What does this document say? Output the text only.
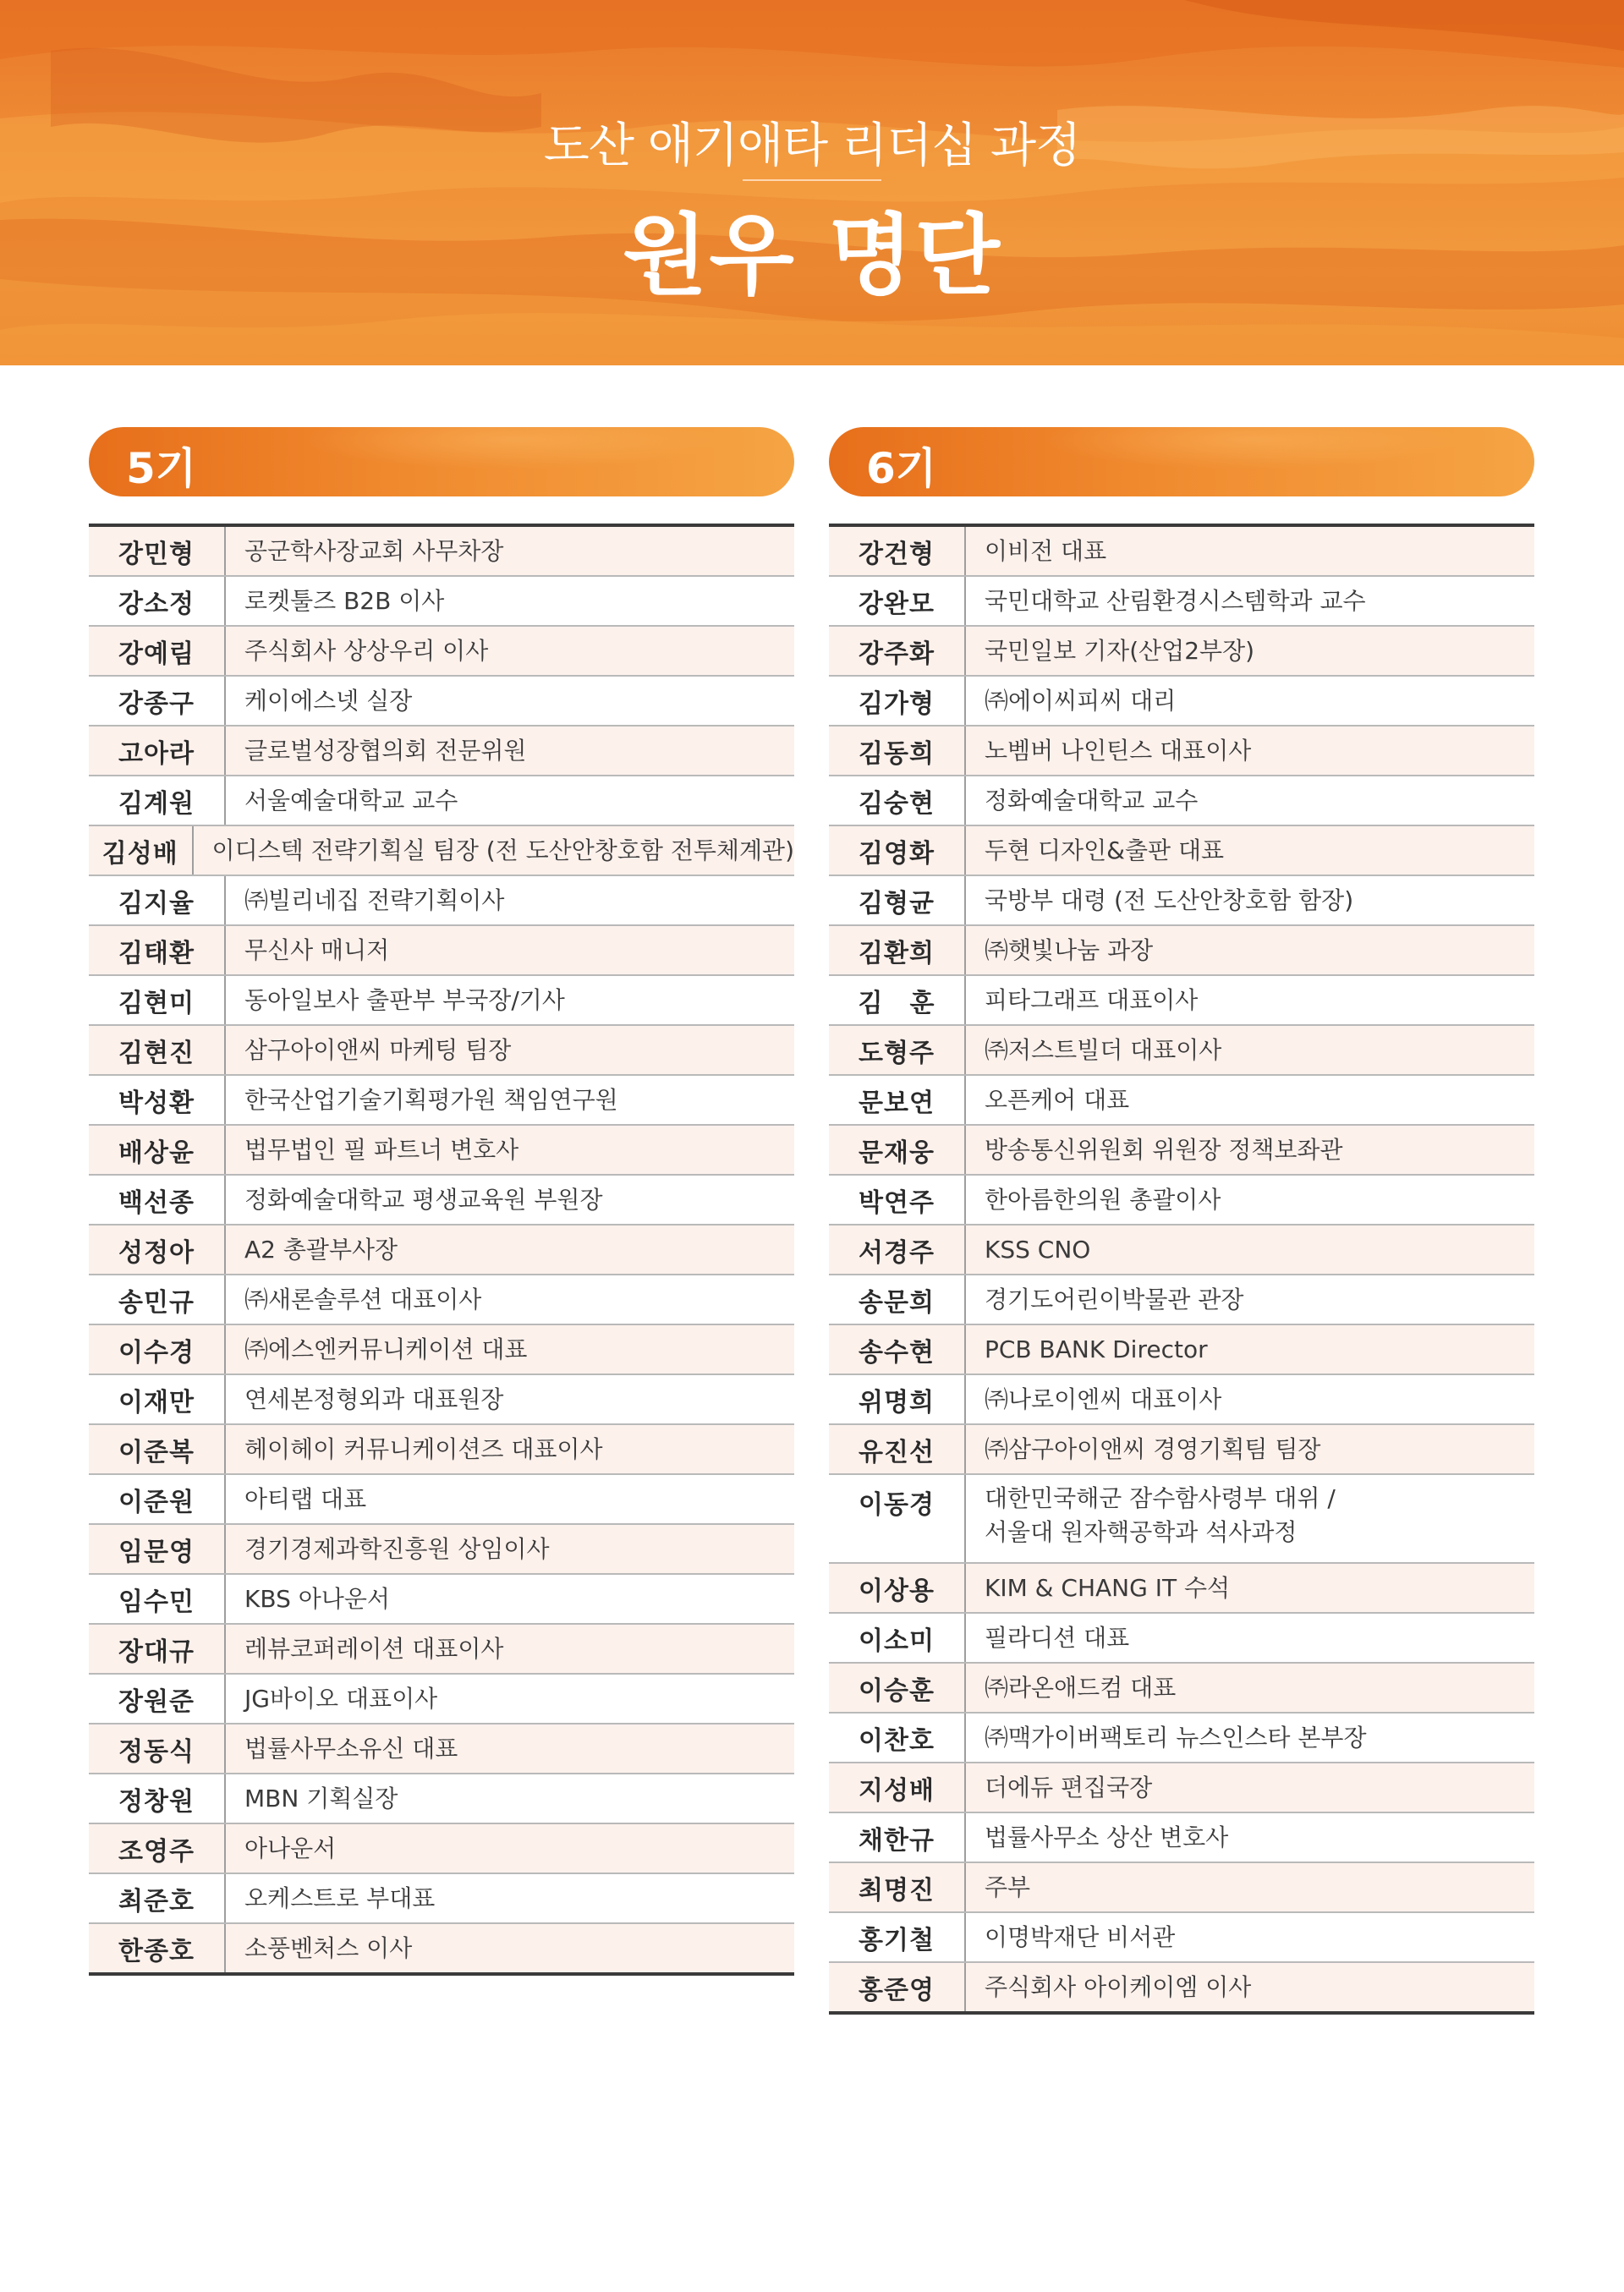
도산 애기애타 리더십 과정
원우 명단
5기
강민형	공군학사장교회 사무차장
강소정	로켓툴즈 B2B 이사
강예림	주식회사 상상우리 이사
강종구	케이에스넷 실장
고아라	글로벌성장협의회 전문위원
김계원	서울예술대학교 교수
김성배	이디스텍 전략기획실 팀장 (전 도산안창호함 전투체계관)
김지율	㈜빌리네집 전략기획이사
김태환	무신사 매니저
김현미	동아일보사 출판부 부국장/기사
김현진	삼구아이앤씨 마케팅 팀장
박성환	한국산업기술기획평가원 책임연구원
배상윤	법무법인 필 파트너 변호사
백선종	정화예술대학교 평생교육원 부원장
성정아	A2 총괄부사장
송민규	㈜새론솔루션 대표이사
이수경	㈜에스엔커뮤니케이션 대표
이재만	연세본정형외과 대표원장
이준복	헤이헤이 커뮤니케이션즈 대표이사
이준원	아티랩 대표
임문영	경기경제과학진흥원 상임이사
임수민	KBS 아나운서
장대규	레뷰코퍼레이션 대표이사
장원준	JG바이오 대표이사
정동식	법률사무소유신 대표
정창원	MBN 기획실장
조영주	아나운서
최준호	오케스트로 부대표
한종호	소풍벤처스 이사
6기
강건형	이비전 대표
강완모	국민대학교 산림환경시스템학과 교수
강주화	국민일보 기자(산업2부장)
김가형	㈜에이씨피씨 대리
김동희	노벰버 나인틴스 대표이사
김숭현	정화예술대학교 교수
김영화	두현 디자인&출판 대표
김형균	국방부 대령 (전 도산안창호함 함장)
김환희	㈜햇빛나눔 과장
김　훈	피타그래프 대표이사
도형주	㈜저스트빌더 대표이사
문보연	오픈케어 대표
문재웅	방송통신위원회 위원장 정책보좌관
박연주	한아름한의원 총괄이사
서경주	KSS CNO
송문희	경기도어린이박물관 관장
송수현	PCB BANK Director
위명희	㈜나로이엔씨 대표이사
유진선	㈜삼구아이앤씨 경영기획팀 팀장
이동경	대한민국해군 잠수함사령부 대위 /
서울대 원자핵공학과 석사과정
이상용	KIM & CHANG IT 수석
이소미	필라디션 대표
이승훈	㈜라온애드컴 대표
이찬호	㈜맥가이버팩토리 뉴스인스타 본부장
지성배	더에듀 편집국장
채한규	법률사무소 상산 변호사
최명진	주부
홍기철	이명박재단 비서관
홍준영	주식회사 아이케이엠 이사
